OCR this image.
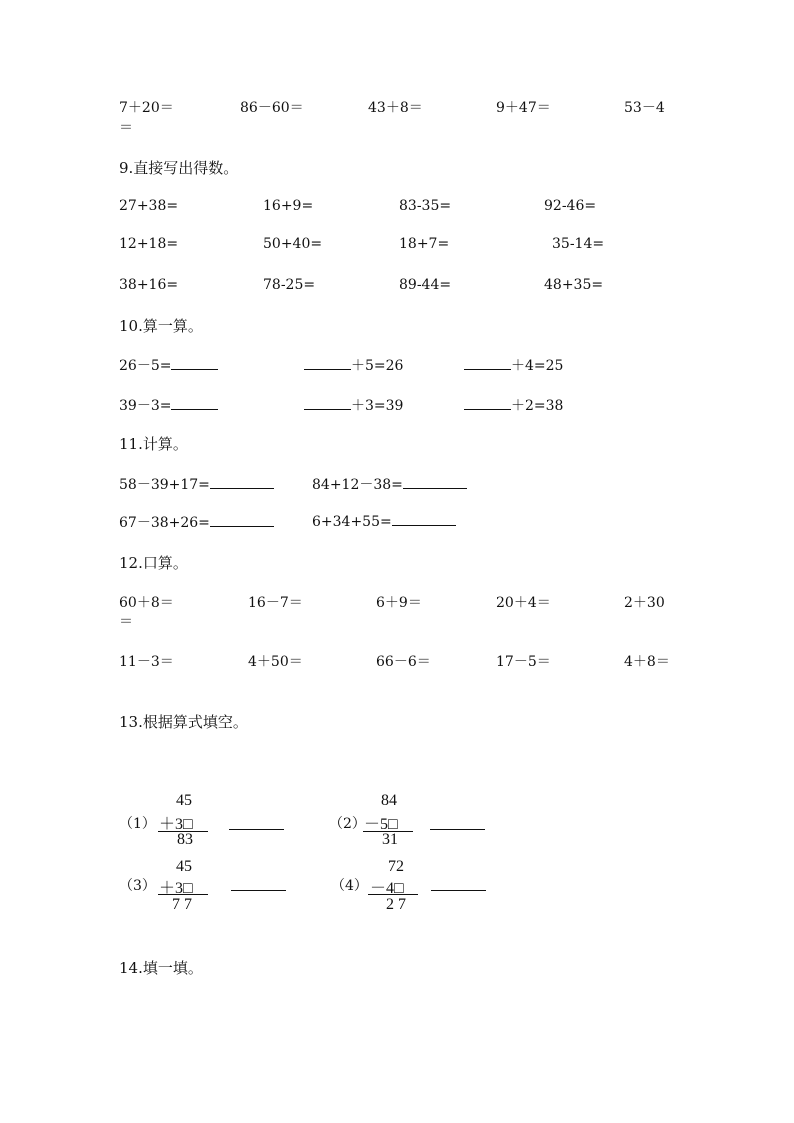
7＋20＝	86－60＝	43＋8＝	9＋47＝	53－4
＝
9.直接写出得数。
27+38=	16+9=	83-35=	92-46=
12+18=	50+40=	18+7=	35-14=
38+16=	78-25=	89-44=	48+35=
10.算一算。
26－5=	＋5=26	＋4=25
39－3=	＋3=39	＋2=38
11.计算。
58－39+17=	84+12－38=
67－38+26=	6+34+55=
12.口算。
60＋8＝	16－7＝	6＋9＝	20＋4＝	2＋30
＝
11－3＝	4＋50＝	66－6＝	17－5＝	4＋8＝
13.根据算式填空。
（1）
45
＋3□
83
（2）
84
－5□
31
（3）
45
＋3□
7 7
（4）
72
－4□
2 7
14.填一填。
